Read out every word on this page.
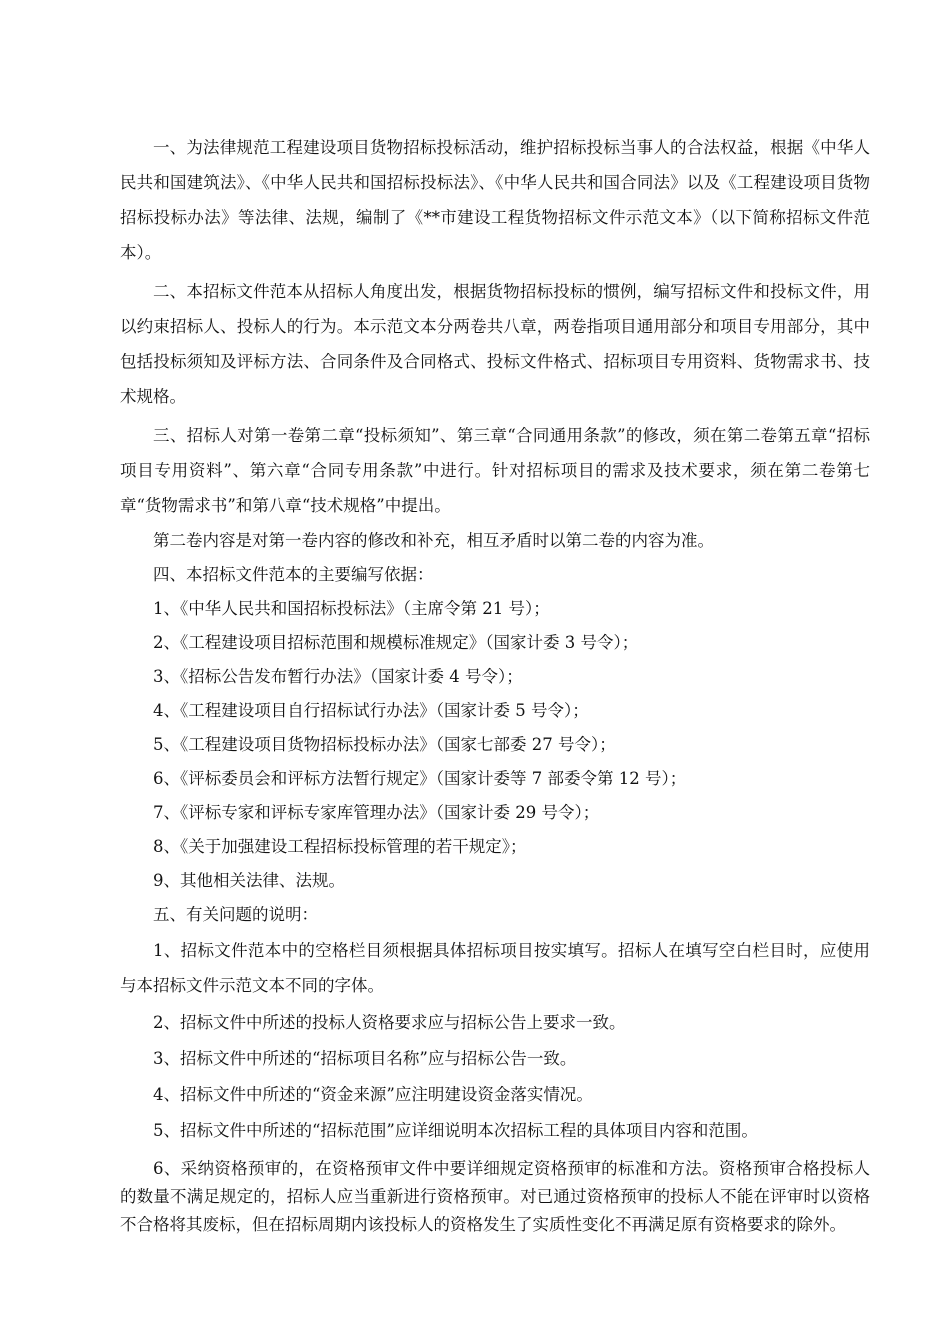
一、为法律规范工程建设项目货物招标投标活动，维护招标投标当事人的合法权益，根据《中华人民共和国建筑法》、《中华人民共和国招标投标法》、《中华人民共和国合同法》以及《工程建设项目货物招标投标办法》等法律、法规，编制了《**市建设工程货物招标文件示范文本》（以下简称招标文件范本）。

二、本招标文件范本从招标人角度出发，根据货物招标投标的惯例，编写招标文件和投标文件，用以约束招标人、投标人的行为。本示范文本分两卷共八章，两卷指项目通用部分和项目专用部分，其中包括投标须知及评标方法、合同条件及合同格式、投标文件格式、招标项目专用资料、货物需求书、技术规格。

三、招标人对第一卷第二章“投标须知”、第三章“合同通用条款”的修改，须在第二卷第五章“招标项目专用资料”、第六章“合同专用条款”中进行。针对招标项目的需求及技术要求，须在第二卷第七章“货物需求书”和第八章“技术规格”中提出。

第二卷内容是对第一卷内容的修改和补充，相互矛盾时以第二卷的内容为准。

四、本招标文件范本的主要编写依据：

1、《中华人民共和国招标投标法》（主席令第 21 号）；

2、《工程建设项目招标范围和规模标准规定》（国家计委 3 号令）；

3、《招标公告发布暂行办法》（国家计委 4 号令）；

4、《工程建设项目自行招标试行办法》（国家计委 5 号令）；

5、《工程建设项目货物招标投标办法》（国家七部委 27 号令）；

6、《评标委员会和评标方法暂行规定》（国家计委等 7 部委令第 12 号）；

7、《评标专家和评标专家库管理办法》（国家计委 29 号令）；

8、《关于加强建设工程招标投标管理的若干规定》；

9、其他相关法律、法规。

五、有关问题的说明：

1、招标文件范本中的空格栏目须根据具体招标项目按实填写。招标人在填写空白栏目时，应使用与本招标文件示范文本不同的字体。

2、招标文件中所述的投标人资格要求应与招标公告上要求一致。

3、招标文件中所述的“招标项目名称”应与招标公告一致。

4、招标文件中所述的“资金来源”应注明建设资金落实情况。

5、招标文件中所述的“招标范围”应详细说明本次招标工程的具体项目内容和范围。

6、采纳资格预审的，在资格预审文件中要详细规定资格预审的标准和方法。资格预审合格投标人的数量不满足规定的，招标人应当重新进行资格预审。对已通过资格预审的投标人不能在评审时以资格不合格将其废标，但在招标周期内该投标人的资格发生了实质性变化不再满足原有资格要求的除外。
